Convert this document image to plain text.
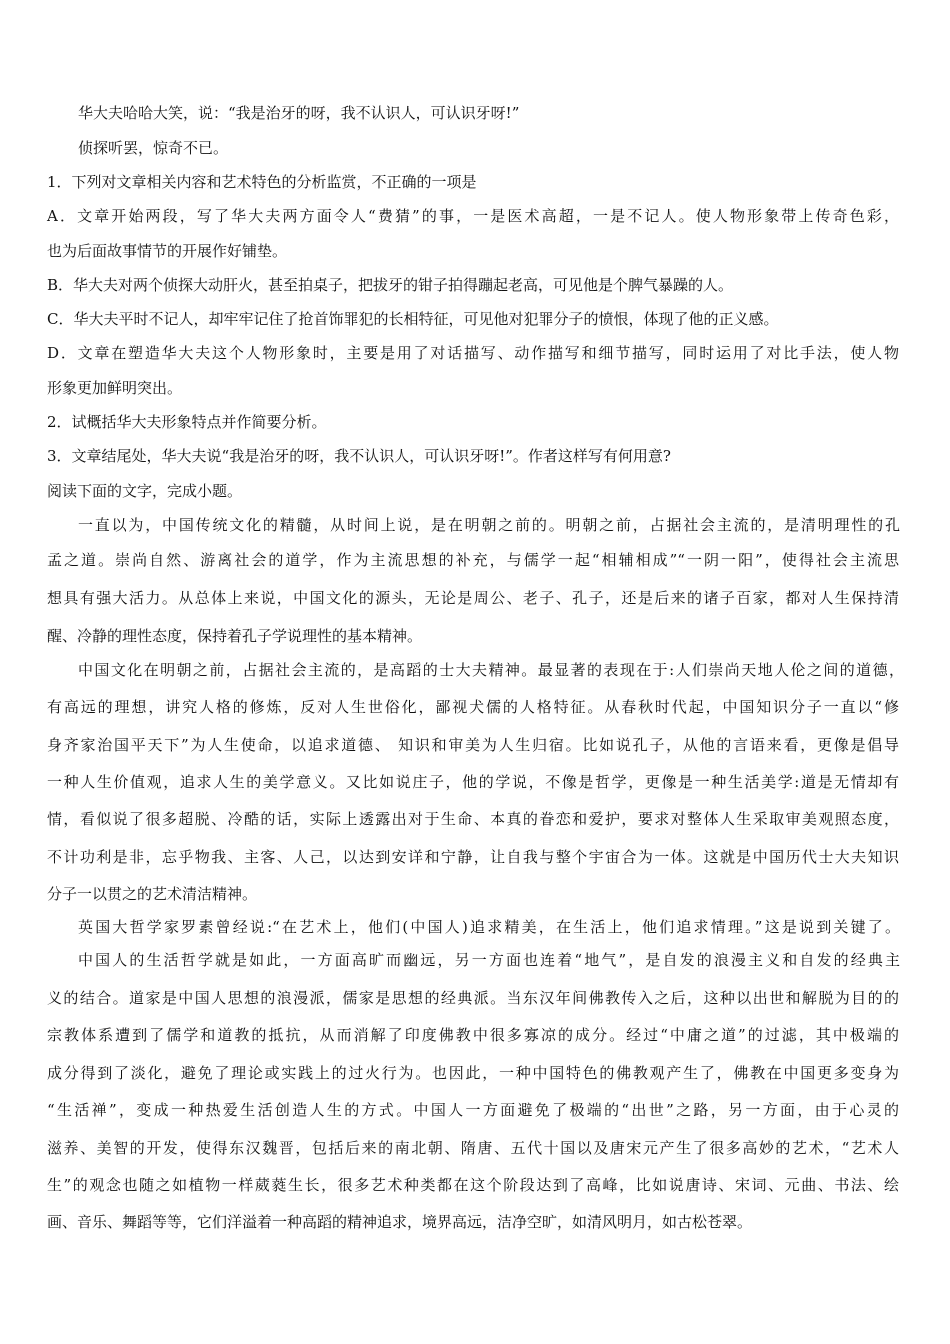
华大夫哈哈大笑，说：“我是治牙的呀，我不认识人，可认识牙呀!”
侦探听罢，惊奇不已。
1．下列对文章相关内容和艺术特色的分析监赏，不正确的一项是
A．文章开始两段，写了华大夫两方面令人“费猜”的事，一是医术高超，一是不记人。使人物形象带上传奇色彩，
也为后面故事情节的开展作好铺垫。
B．华大夫对两个侦探大动肝火，甚至拍桌子，把拔牙的钳子拍得蹦起老高，可见他是个脾气暴躁的人。
C．华大夫平时不记人，却牢牢记住了抢首饰罪犯的长相特征，可见他对犯罪分子的愤恨，体现了他的正义感。
D．文章在塑造华大夫这个人物形象时，主要是用了对话描写、动作描写和细节描写，同时运用了对比手法，使人物
形象更加鲜明突出。
2．试概括华大夫形象特点并作简要分析。
3．文章结尾处，华大夫说“我是治牙的呀，我不认识人，可认识牙呀!”。作者这样写有何用意?
阅读下面的文字，完成小题。
一直以为，中国传统文化的精髓，从时间上说，是在明朝之前的。明朝之前，占据社会主流的，是清明理性的孔
孟之道。崇尚自然、游离社会的道学，作为主流思想的补充，与儒学一起“相辅相成”“一阴一阳”，使得社会主流思
想具有强大活力。从总体上来说，中国文化的源头，无论是周公、老子、孔子，还是后来的诸子百家，都对人生保持清
醒、冷静的理性态度，保持着孔子学说理性的基本精神。
中国文化在明朝之前，占据社会主流的，是高蹈的士大夫精神。最显著的表现在于:人们崇尚天地人伦之间的道德，
有高远的理想，讲究人格的修炼，反对人生世俗化，鄙视犬儒的人格特征。从春秋时代起，中国知识分子一直以“修
身齐家治国平天下”为人生使命，以追求道德、 知识和审美为人生归宿。比如说孔子，从他的言语来看，更像是倡导
一种人生价值观，追求人生的美学意义。又比如说庄子，他的学说，不像是哲学，更像是一种生活美学:道是无情却有
情，看似说了很多超脱、冷酷的话，实际上透露出对于生命、本真的眷恋和爱护，要求对整体人生采取审美观照态度，
不计功利是非，忘乎物我、主客、人己，以达到安详和宁静，让自我与整个宇宙合为一体。这就是中国历代士大夫知识
分子一以贯之的艺术清洁精神。
英国大哲学家罗素曾经说:“在艺术上，他们(中国人)追求精美，在生活上，他们追求情理。”这是说到关键了。
中国人的生活哲学就是如此，一方面高旷而幽远，另一方面也连着“地气”，是自发的浪漫主义和自发的经典主
义的结合。道家是中国人思想的浪漫派，儒家是思想的经典派。当东汉年间佛教传入之后，这种以出世和解脱为目的的
宗教体系遭到了儒学和道教的抵抗，从而消解了印度佛教中很多寡凉的成分。经过“中庸之道”的过滤，其中极端的
成分得到了淡化，避免了理论或实践上的过火行为。也因此，一种中国特色的佛教观产生了，佛教在中国更多变身为
“生活禅”，变成一种热爱生活创造人生的方式。中国人一方面避免了极端的“出世”之路，另一方面，由于心灵的
滋养、美智的开发，使得东汉魏晋，包括后来的南北朝、隋唐、五代十国以及唐宋元产生了很多高妙的艺术，“艺术人
生”的观念也随之如植物一样葳蕤生长，很多艺术种类都在这个阶段达到了高峰，比如说唐诗、宋词、元曲、书法、绘
画、音乐、舞蹈等等，它们洋溢着一种高蹈的精神追求，境界高远，洁净空旷，如清风明月，如古松苍翠。
